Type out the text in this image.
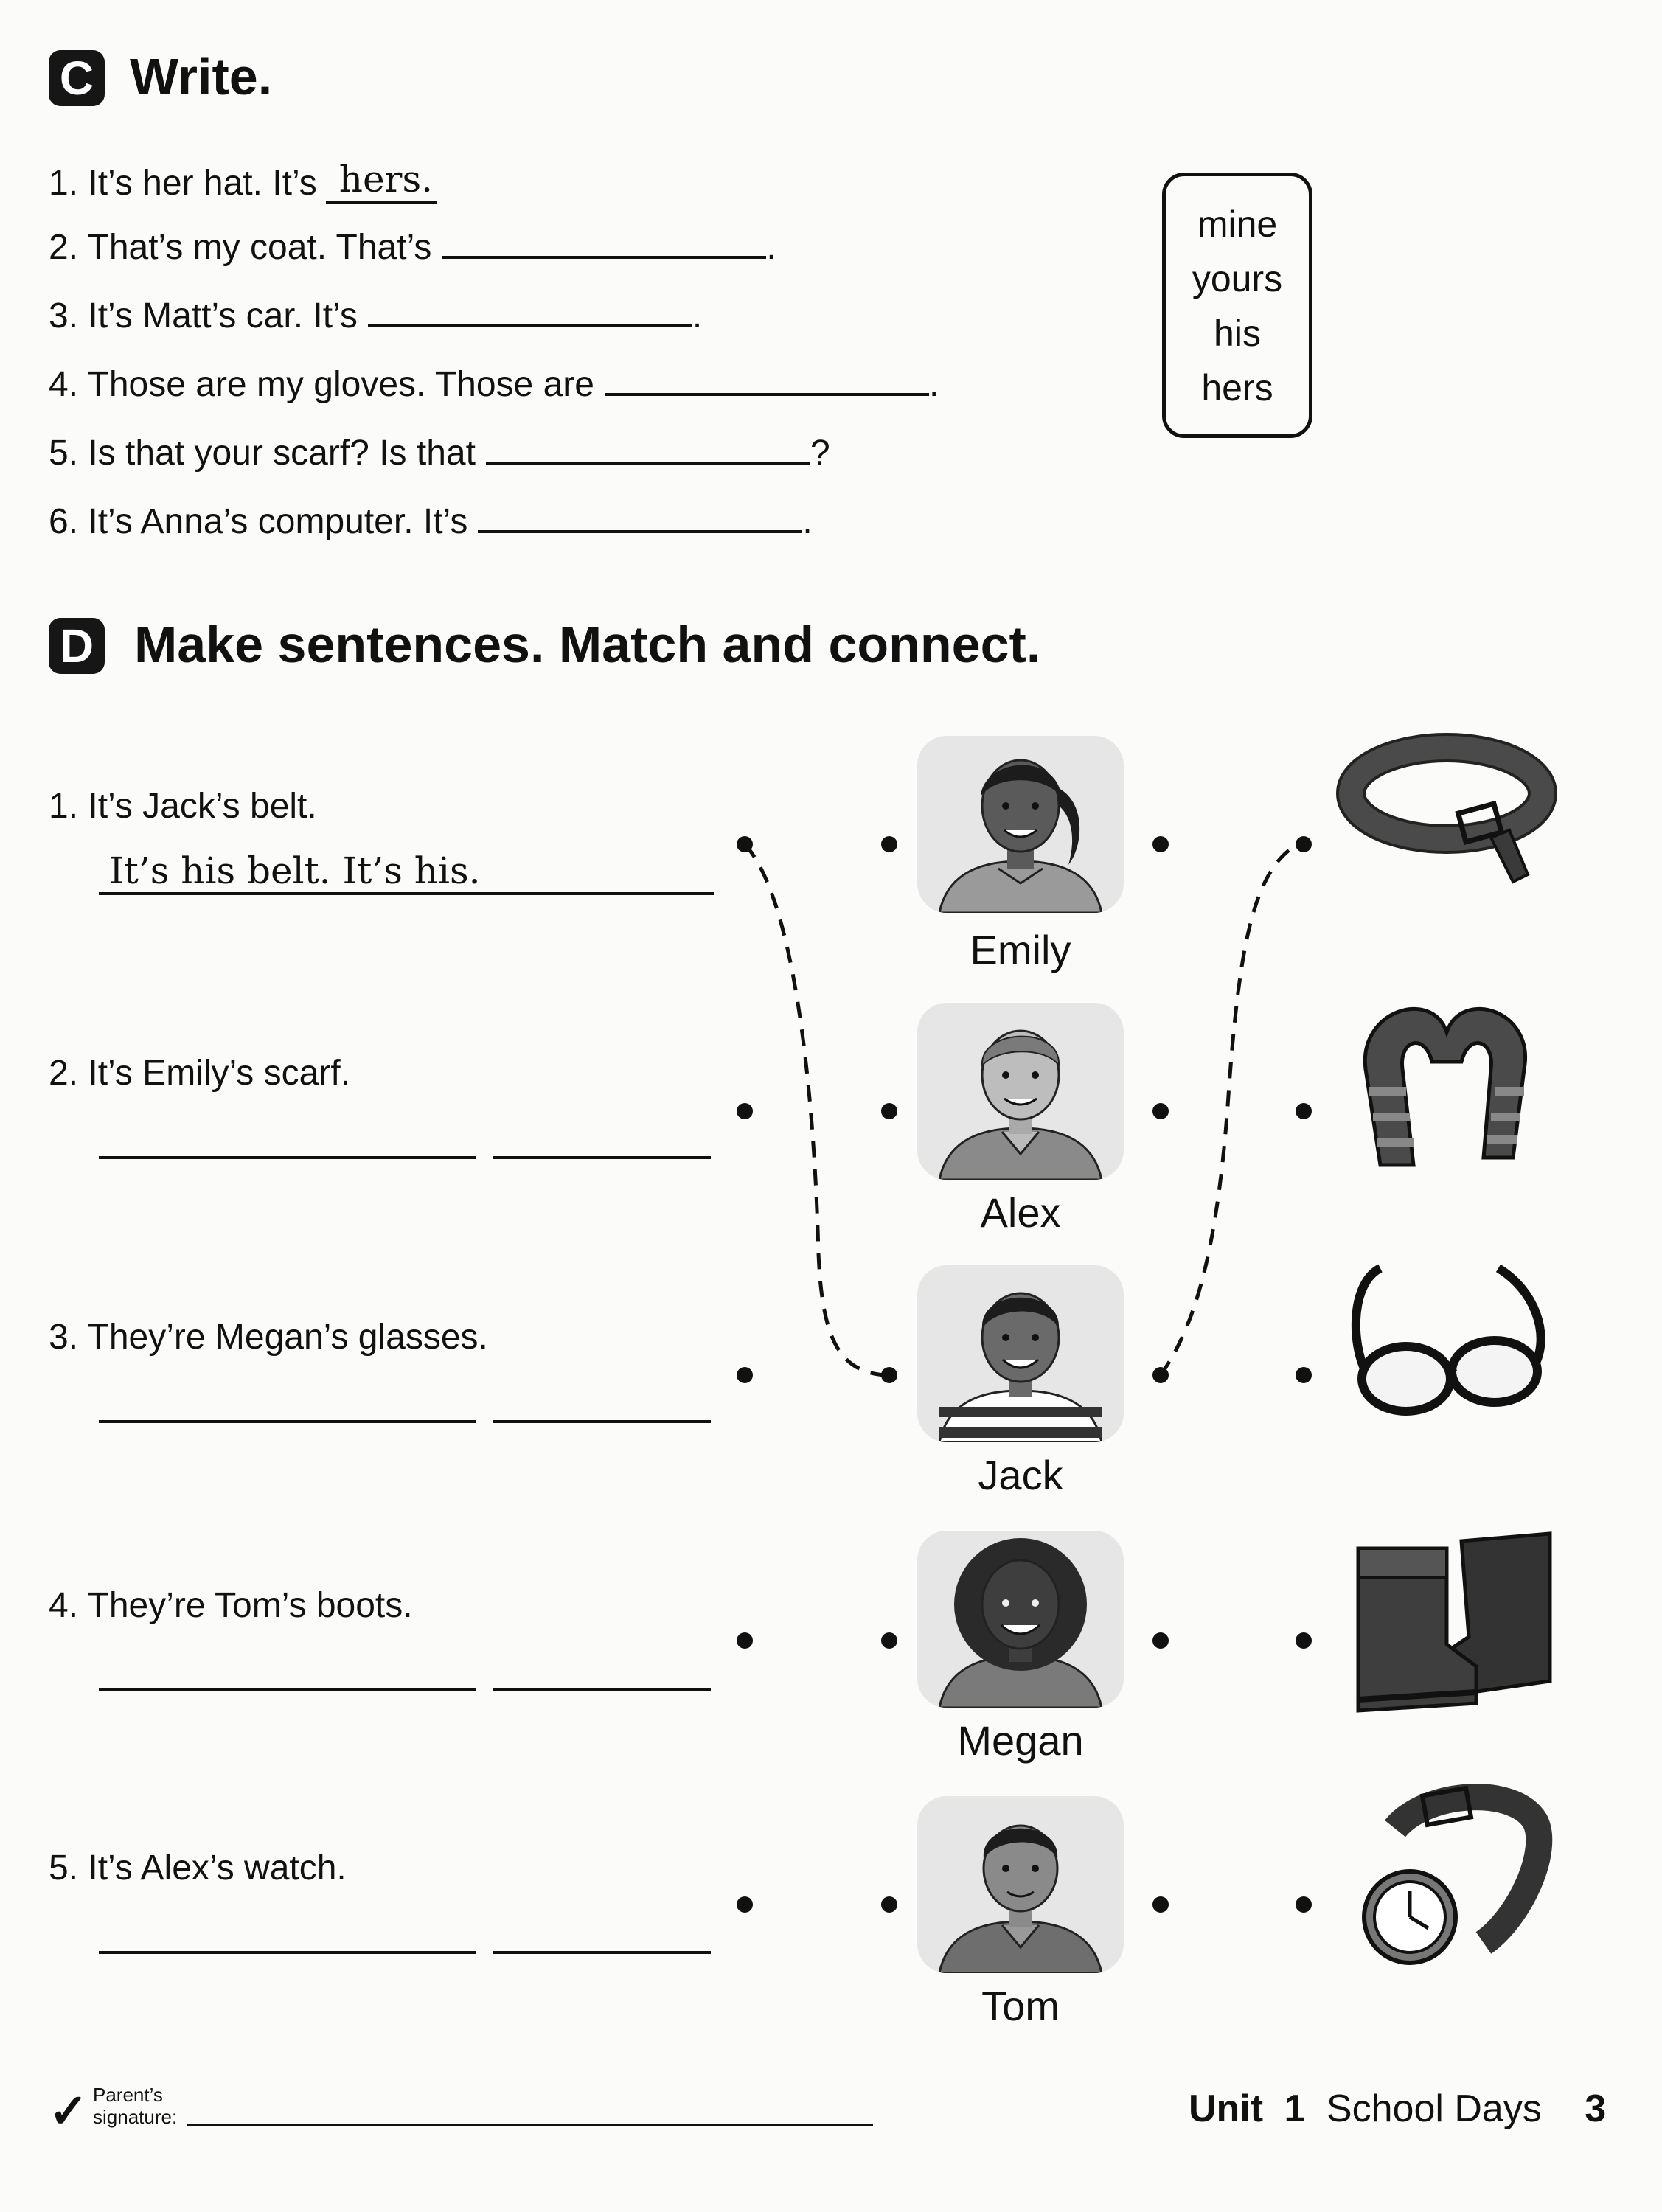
C Write.
1. It’s her hat. It’s hers.
2. That’s my coat. That’s	.
3. It’s Matt’s car. It’s	.
4. Those are my gloves. Those are	.
5. Is that your scarf? Is that	?
6. It’s Anna’s computer. It’s	.
mine
yours
his
hers
D Make sentences. Match and connect.
1. It’s Jack’s belt.
It’s his belt. It’s his.
2. It’s Emily’s scarf.
3. They’re Megan’s glasses.
4. They’re Tom’s boots.
5. It’s Alex’s watch.
Emily
Alex
Jack
Megan
Tom
✓ Parent’s
signature:	Unit 1 School Days 3
